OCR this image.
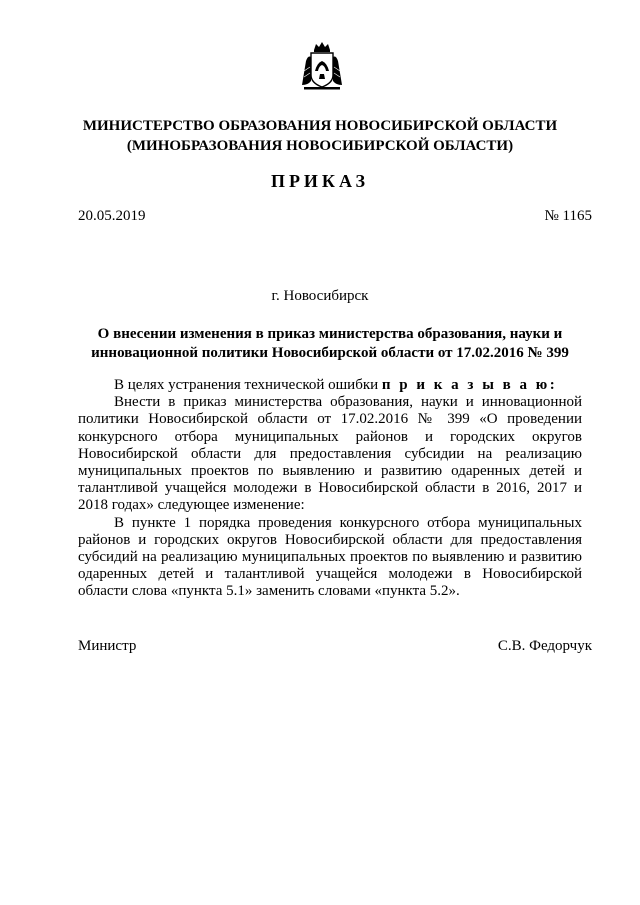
МИНИСТЕРСТВО ОБРАЗОВАНИЯ НОВОСИБИРСКОЙ ОБЛАСТИ
(МИНОБРАЗОВАНИЯ НОВОСИБИРСКОЙ ОБЛАСТИ)
ПРИКАЗ
20.05.2019	№ 1165
г. Новосибирск
О внесении изменения в приказ министерства образования, науки и инновационной политики Новосибирской области от 17.02.2016 № 399

В целях устранения технической ошибки п р и к а з ы в а ю:

Внести в приказ министерства образования, науки и инновационной политики Новосибирской области от 17.02.2016 № 399 «О проведении конкурсного отбора муниципальных районов и городских округов Новосибирской области для предоставления субсидии на реализацию муниципальных проектов по выявлению и развитию одаренных детей и талантливой учащейся молодежи в Новосибирской области в 2016, 2017 и 2018 годах» следующее изменение:

В пункте 1 порядка проведения конкурсного отбора муниципальных районов и городских округов Новосибирской области для предоставления субсидий на реализацию муниципальных проектов по выявлению и развитию одаренных детей и талантливой учащейся молодежи в Новосибирской области слова «пункта 5.1» заменить словами «пункта 5.2».

Министр	С.В. Федорчук
